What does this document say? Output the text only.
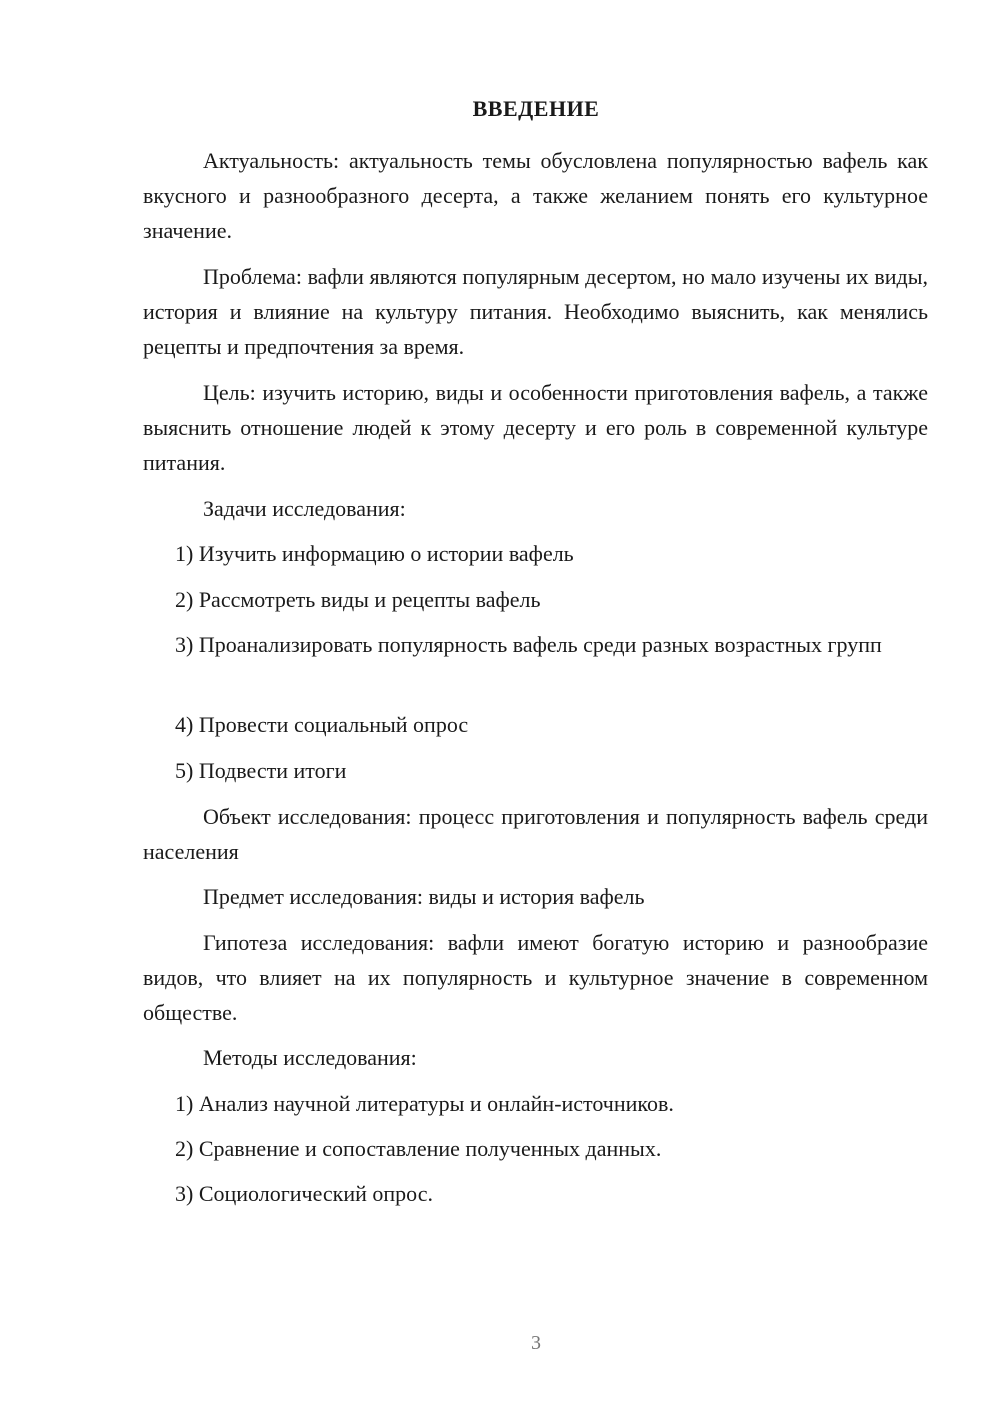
ВВЕДЕНИЕ

Актуальность: актуальность темы обусловлена популярностью вафель как вкусного и разнообразного десерта, а также желанием понять его культурное значение.

Проблема: вафли являются популярным десертом, но мало изучены их виды, история и влияние на культуру питания. Необходимо выяснить, как менялись рецепты и предпочтения за время.

Цель: изучить историю, виды и особенности приготовления вафель, а также выяснить отношение людей к этому десерту и его роль в современной культуре питания.

Задачи исследования:

1) Изучить информацию о истории вафель

2) Рассмотреть виды и рецепты вафель

3) Проанализировать популярность вафель среди разных возрастных групп

4) Провести социальный опрос

5) Подвести итоги

Объект исследования: процесс приготовления и популярность вафель среди населения

Предмет исследования: виды и история вафель

Гипотеза исследования: вафли имеют богатую историю и разнообразие видов, что влияет на их популярность и культурное значение в современном обществе.

Методы исследования:

1) Анализ научной литературы и онлайн-источников.

2) Сравнение и сопоставление полученных данных.

3) Социологический опрос.

3
